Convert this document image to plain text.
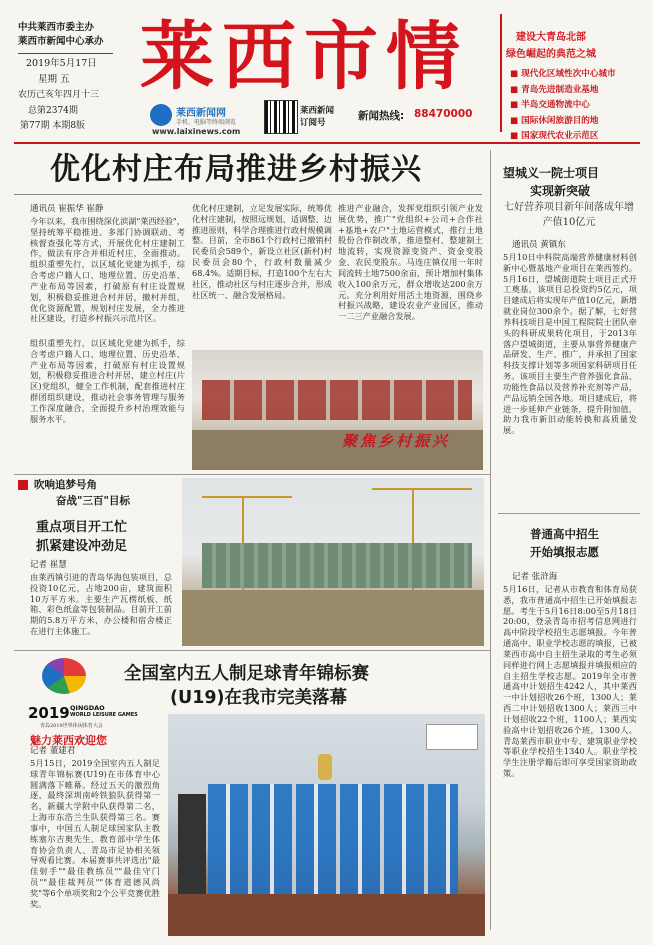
中共莱西市委主办
莱西市新闻中心承办
2019年5月17日
星期 五
农历己亥年四月十三
总第2374期
第77期 本期8版
莱西市情
莱西新闻网
手机、电脑等终端浏览
www.laixinews.com
莱西新闻
订阅号
新闻热线: 88470000
建设大青岛北部
绿色崛起的典范之城
■ 现代化区域性次中心城市
■ 青岛先进制造业基地
■ 半岛交通物流中心
■ 国际休闲旅游目的地
■ 国家现代农业示范区
优化村庄布局推进乡村振兴
通讯员 崔振华 崔静
今年以来，我市围绕深化滨湖"莱西经验"，坚持统筹平稳推进、多部门协调联动、考核督查强化等方式，开展优化村庄建制工作，做法有序合并相近村庄，全面推动。组织重塑先行，以区域化党建为抓手，综合考虑户籍人口、地理位置、历史沿革、产业布局等因素，打破原有村庄设置规划，积极稳妥推进合村并居，撤村并组，优化资源配置，规划村庄发展，全力推进社区建设，打造乡村振兴示范片区。
组织重塑先行，以区域化党建为抓手，综合考虑户籍人口、地理位置、历史沿革、产业布局等因素，打破原有村庄设置规划，积极稳妥推进合村并居，建立村庄(片区)党组织，健全工作机制，配套推进村庄群团组织建设，推动社会事务管理与服务工作深度融合，全面提升乡村治理效能与服务水平。
优化村庄建制，立足发展实际，统筹优化村庄建制，按照远规划、适调整、边推进原则，科学合理推进行政村规模调整。目前，全市861个行政村已撤销村民委员会589个，新设立社区(新村)村民委员会80个，行政村数量减少68.4%。适期目标，打造100个左右大社区，推动社区与村庄逐步合并，形成社区统一、融合发展格局。
推进产业融合，发挥党组织引领产业发展优势，推广"党组织+公司+合作社+基地+农户"土地运营模式，推行土地股份合作制改革，推进整村、整建制土地流转，实现资源变资产、资金变股金、农民变股东。马连庄镇仅用一年时间流转土地7500余亩，预计增加村集体收入100余万元，群众增收达200余万元。充分利用好用活土地资源，围绕乡村振兴战略，建设农业产业园区，推动一二三产业融合发展。
聚焦乡村振兴
望城义一院士项目
实现新突破
七好营养项目新年间落成年增产值10亿元
通讯员 黄镇东
5月10日中科院高端营养健康材料创新中心暨基地产业项目在莱西签约。5月16日，望城街道院士项目正式开工奠基，该项目总投资约5亿元，项目建成后将实现年产值10亿元，新增就业岗位300余个。据了解，七好营养科技项目是中国工程院院士团队牵头的科研成果转化项目，于2013年落户望城街道，主要从事营养健康产品研发、生产、推广，并承担了国家科技支撑计划等多项国家科研项目任务。该项目主要生产营养强化食品、功能性食品以及营养补充剂等产品，产品远销全国各地。项目建成后，将进一步延伸产业链条，提升附加值，助力我市新旧动能转换和高质量发展。
普通高中招生
开始填报志愿
记者 张浒海
5月16日，记者从市教育和体育局获悉，我市普通高中招生已开始填报志愿。考生于5月16日8:00至5月18日20:00，登录青岛市招考信息网进行高中阶段学校招生志愿填报。今年普通高中、职业学校志愿的填报，已被莱西市高中自主招生录取的考生必须同样进行网上志愿填报并填报相应的自主招生学校志愿。2019年全市普通高中计划招生4242人，其中莱西一中计划招收26个班，1300人；莱西二中计划招收1300人；莱西三中计划招收22个班，1100人；莱西实验高中计划招收26个班，1300人。青岛莱西市职业中专、建筑职业学校等职业学校招生1340人。职业学校学生注册学籍后即可享受国家资助政策。
吹响追梦号角
奋战"三百"目标
重点项目开工忙
抓紧建设冲劲足
记者 崔慧
由莱西镇引进的青岛华海包装项目，总投资10亿元，占地200亩，建筑面积10万平方米。主要生产瓦楞纸板、纸箱、彩色纸盒等包装制品。目前开工前期的5.8万平方米，办公楼和宿舍楼正在进行主体施工。
2019 QINGDAO
WORLD LEISURE GAMES
青岛2019世界休闲体育大会
魅力莱西欢迎您
全国室内五人制足球青年锦标赛
(U19)在我市完美落幕
记者 董建君
5月15日，2019全国室内五人制足球青年锦标赛(U19)在市体育中心圆满落下帷幕。经过五天的激烈角逐，最终深圳南岭铁狼队获得第一名，新疆大学附中队获得第二名，上海市东浩兰生队获得第三名。赛事中，中国五人制足球国家队主教练塞尔吉奥先生、教育部中学生体育协会负责人、青岛市足协相关领导观看比赛。本届赛事共评选出"最佳射手""最佳教练员""最佳守门员""最佳裁判员""体育道德风尚奖"等6个单项奖和2个公平竞赛优胜奖。
